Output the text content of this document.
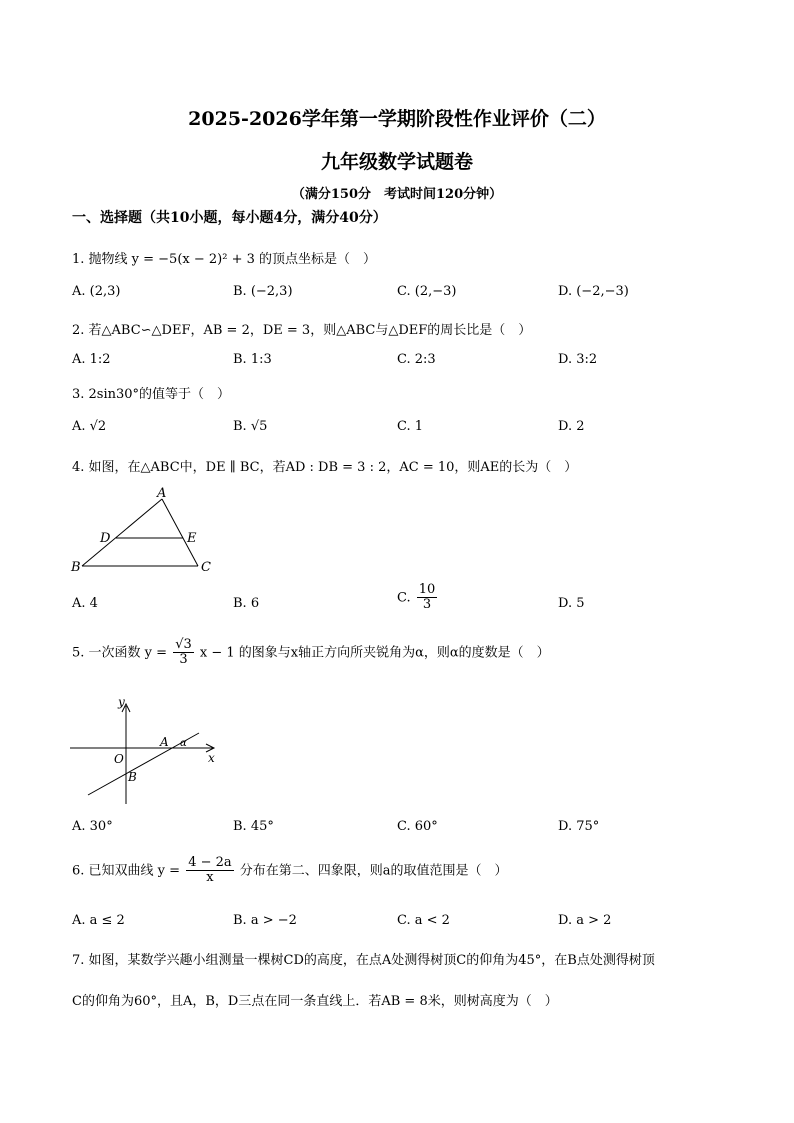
2025-2026学年第一学期阶段性作业评价（二）
九年级数学试题卷
（满分150分　考试时间120分钟）
一、选择题（共10小题，每小题4分，满分40分）
1. 抛物线 y = −5(x − 2)² + 3 的顶点坐标是（　）
A. (2,3)	B. (−2,3)	C. (2,−3)	D. (−2,−3)
2. 若△ABC∽△DEF，AB = 2，DE = 3，则△ABC与△DEF的周长比是（　）
A. 1:2	B. 1:3	C. 2:3	D. 3:2
3. 2sin30°的值等于（　）
A. √2	B. √5	C. 1	D. 2
4. 如图，在△ABC中，DE ∥ BC，若AD : DB = 3 : 2，AC = 10，则AE的长为（　）
A
D	E
B	C
A. 4	B. 6	C. $\frac{10}{3}$	D. 5
5. 一次函数 $y = \frac{√3}{3}$ x − 1 的图象与x轴正方向所夹锐角为α，则α的度数是（　）
y
x
O
A
B
α
A. 30°	B. 45°	C. 60°	D. 75°
6. 已知双曲线 $y = \frac{4 - 2a}{x}$ 分布在第二、四象限，则a的取值范围是（　）
A. a ≤ 2	B. a > −2	C. a < 2	D. a > 2
7. 如图，某数学兴趣小组测量一棵树CD的高度，在点A处测得树顶C的仰角为45°，在B点处测得树顶
C的仰角为60°，且A，B，D三点在同一条直线上．若AB = 8米，则树高度为（　）
